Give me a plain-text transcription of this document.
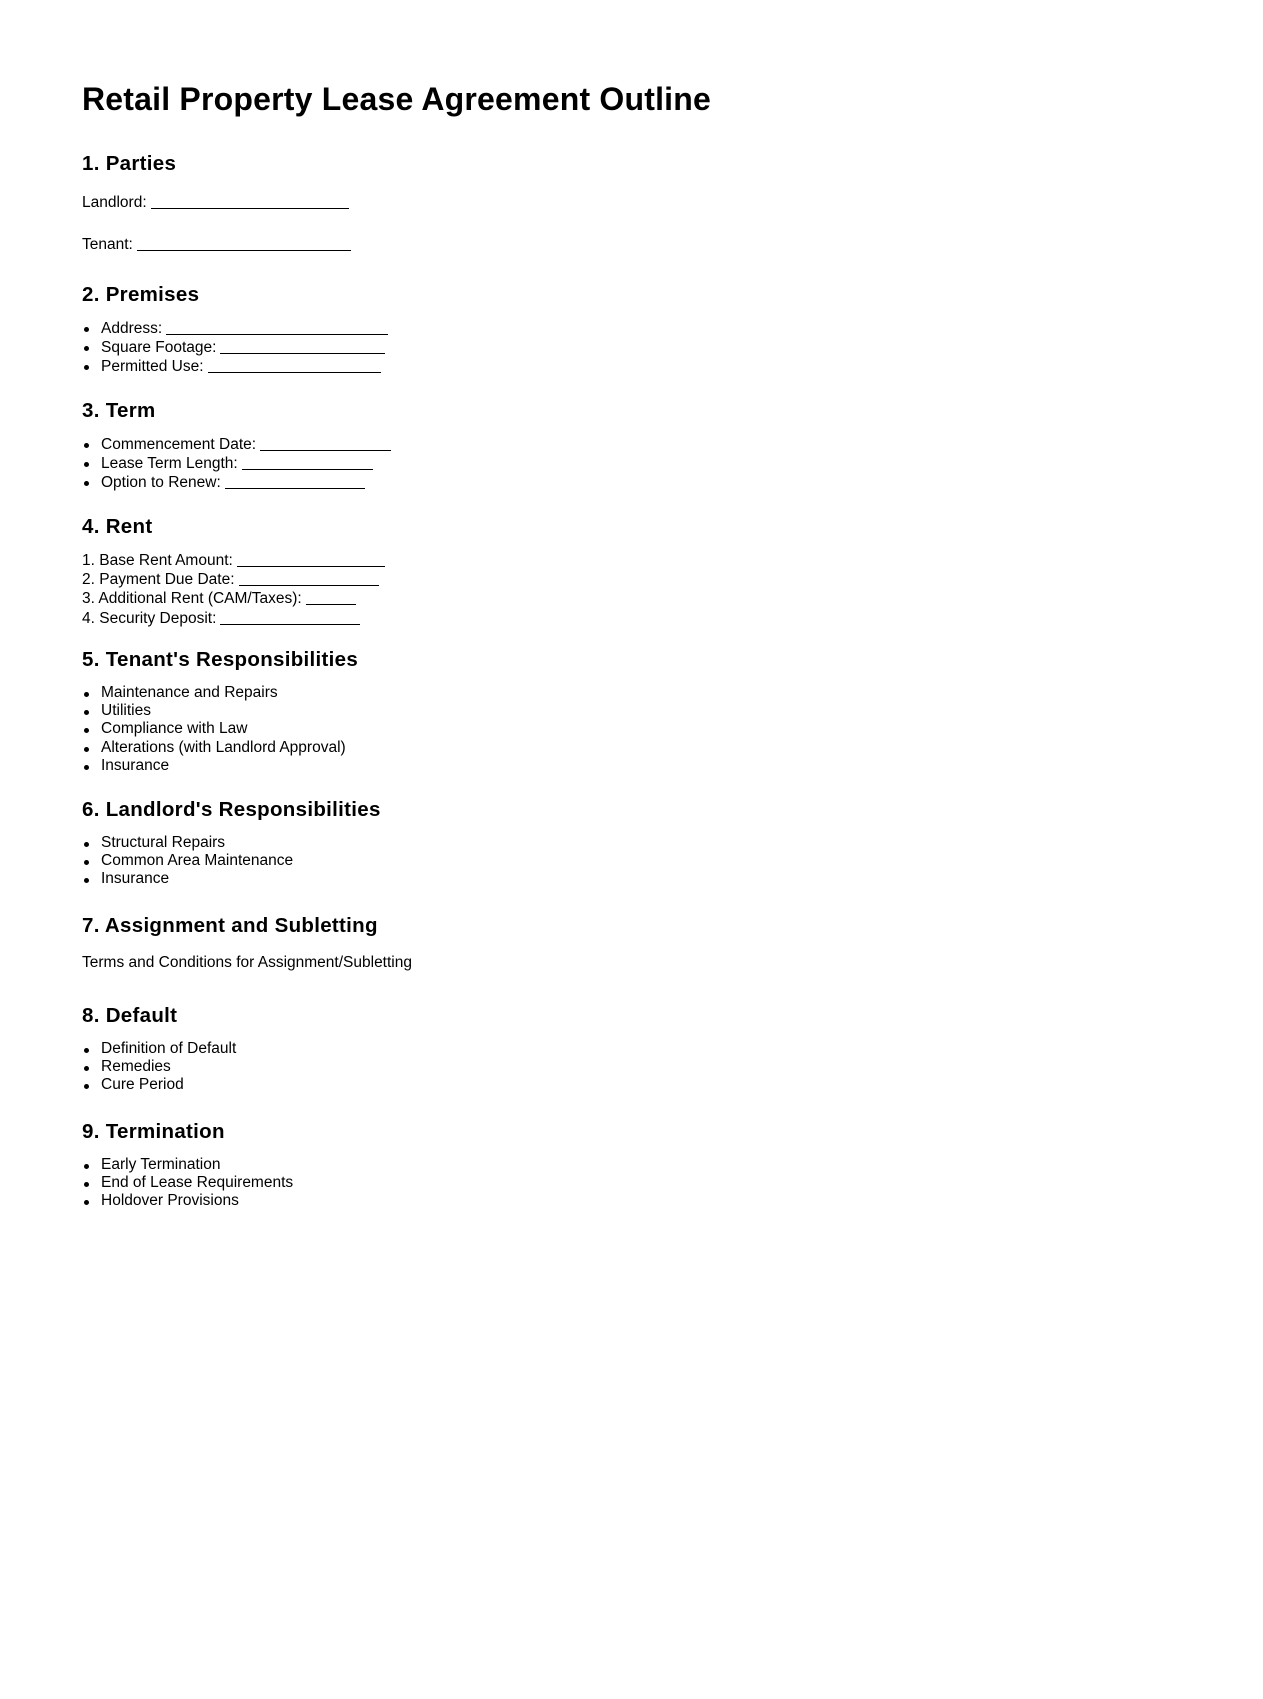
Retail Property Lease Agreement Outline
1. Parties

Landlord:

Tenant:

2. Premises
Address:
Square Footage:
Permitted Use:
3. Term
Commencement Date:
Lease Term Length:
Option to Renew:
4. Rent
1. Base Rent Amount:
2. Payment Due Date:
3. Additional Rent (CAM/Taxes):
4. Security Deposit:
5. Tenant's Responsibilities
Maintenance and Repairs
Utilities
Compliance with Law
Alterations (with Landlord Approval)
Insurance
6. Landlord's Responsibilities
Structural Repairs
Common Area Maintenance
Insurance
7. Assignment and Subletting

Terms and Conditions for Assignment/Subletting

8. Default
Definition of Default
Remedies
Cure Period
9. Termination
Early Termination
End of Lease Requirements
Holdover Provisions
